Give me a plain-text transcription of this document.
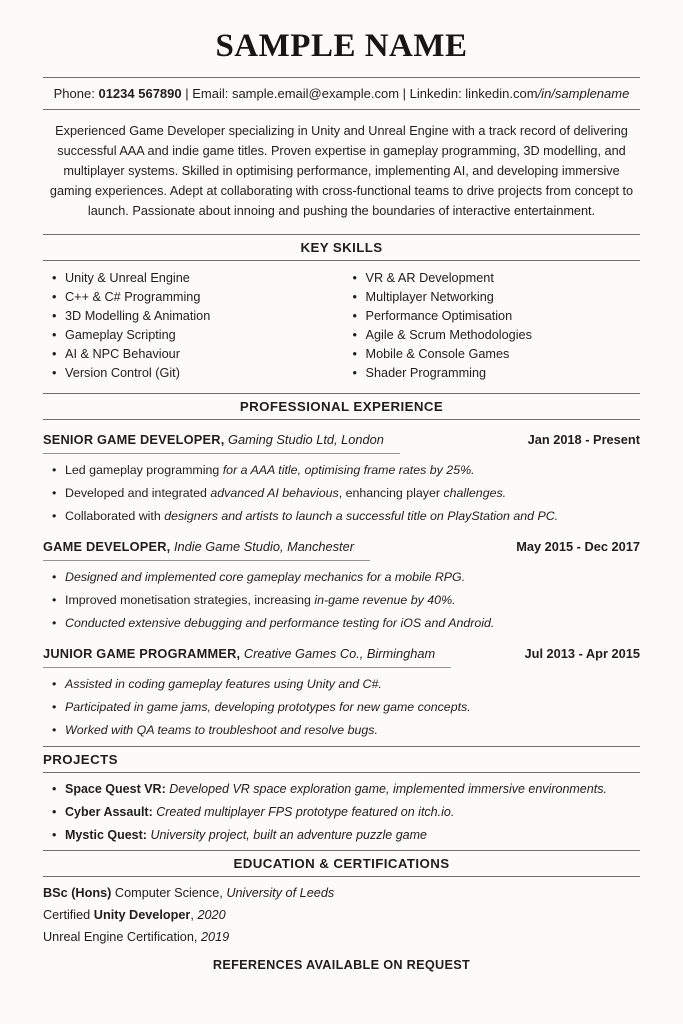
SAMPLE NAME
Phone: 01234 567890 | Email: sample.email@example.com | Linkedin: linkedin.com/in/samplename

Experienced Game Developer specializing in Unity and Unreal Engine with a track record of delivering successful AAA and indie game titles. Proven expertise in gameplay programming, 3D modelling, and multiplayer systems. Skilled in optimising performance, implementing AI, and developing immersive gaming experiences. Adept at collaborating with cross-functional teams to drive projects from concept to launch. Passionate about innoing and pushing the boundaries of interactive entertainment.

KEY SKILLS
• Unity & Unreal Engine
• C++ & C# Programming
• 3D Modelling & Animation
• Gameplay Scripting
• AI & NPC Behaviour
• Version Control (Git)
• VR & AR Development
• Multiplayer Networking
• Performance Optimisation
• Agile & Scrum Methodologies
• Mobile & Console Games
• Shader Programming
PROFESSIONAL EXPERIENCE
SENIOR GAME DEVELOPER, Gaming Studio Ltd, London	Jan 2018 - Present
• Led gameplay programming for a AAA title, optimising frame rates by 25%.
• Developed and integrated advanced AI behavious, enhancing player challenges.
• Collaborated with designers and artists to launch a successful title on PlayStation and PC.
GAME DEVELOPER, Indie Game Studio, Manchester	May 2015 - Dec 2017
• Designed and implemented core gameplay mechanics for a mobile RPG.
• Improved monetisation strategies, increasing in-game revenue by 40%.
• Conducted extensive debugging and performance testing for iOS and Android.
JUNIOR GAME PROGRAMMER, Creative Games Co., Birmingham	Jul 2013 - Apr 2015
• Assisted in coding gameplay features using Unity and C#.
• Participated in game jams, developing prototypes for new game concepts.
• Worked with QA teams to troubleshoot and resolve bugs.
PROJECTS
• Space Quest VR: Developed VR space exploration game, implemented immersive environments.
• Cyber Assault: Created multiplayer FPS prototype featured on itch.io.
• Mystic Quest: University project, built an adventure puzzle game
EDUCATION & CERTIFICATIONS
BSc (Hons) Computer Science, University of Leeds
Certified Unity Developer, 2020
Unreal Engine Certification, 2019
REFERENCES AVAILABLE ON REQUEST
